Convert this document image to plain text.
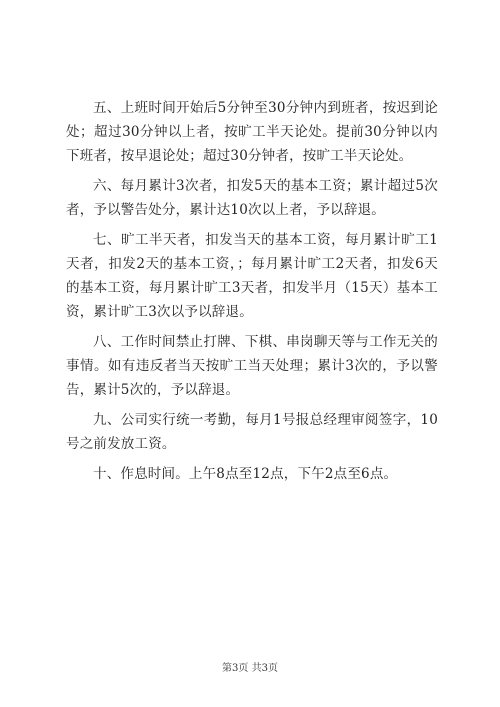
五、上班时间开始后5分钟至30分钟内到班者，按迟到论处；超过30分钟以上者，按旷工半天论处。提前30分钟以内下班者，按早退论处；超过30分钟者，按旷工半天论处。

六、每月累计3次者，扣发5天的基本工资；累计超过5次者，予以警告处分，累计达10次以上者，予以辞退。

七、旷工半天者，扣发当天的基本工资，每月累计旷工1天者，扣发2天的基本工资，；每月累计旷工2天者，扣发6天的基本工资，每月累计旷工3天者，扣发半月（15天）基本工资，累计旷工3次以予以辞退。

八、工作时间禁止打牌、下棋、串岗聊天等与工作无关的事情。如有违反者当天按旷工当天处理；累计3次的，予以警告，累计5次的，予以辞退。

九、公司实行统一考勤，每月1号报总经理审阅签字，10号之前发放工资。

十、作息时间。上午8点至12点，下午2点至6点。

第3页 共3页
